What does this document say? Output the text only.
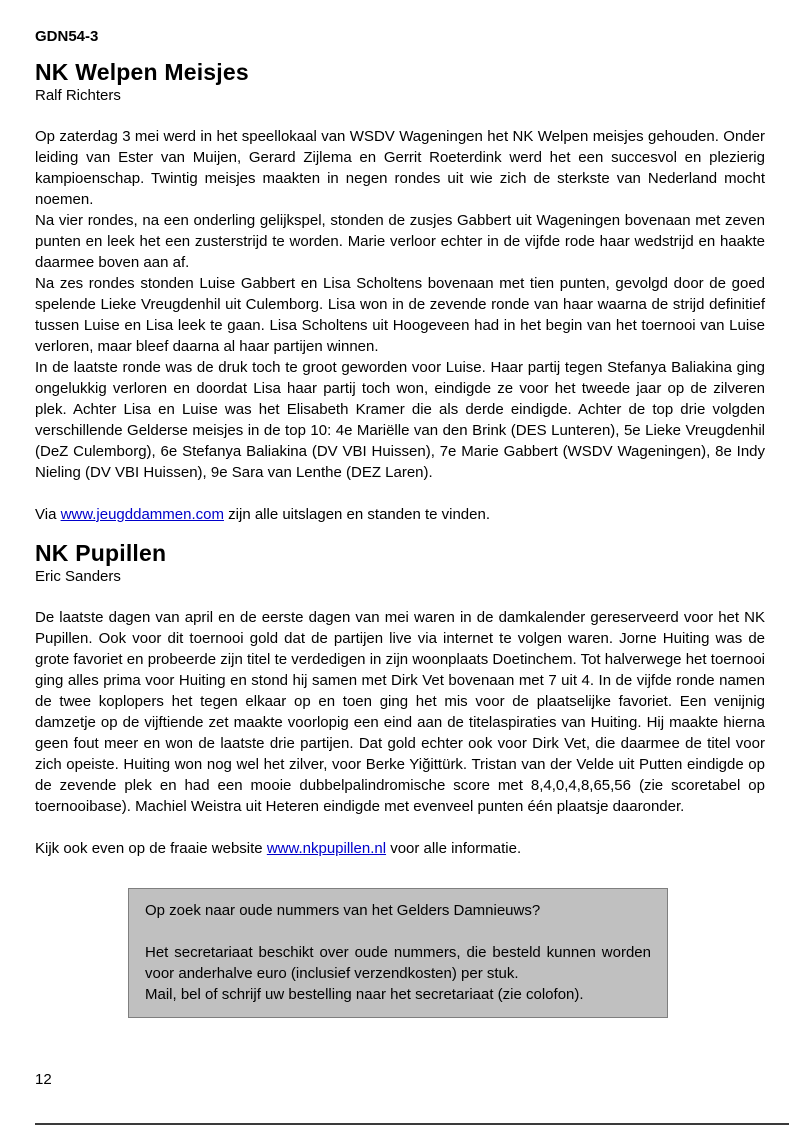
GDN54-3
NK Welpen Meisjes
Ralf Richters

Op zaterdag 3 mei werd in het speellokaal van WSDV Wageningen het NK Welpen meisjes gehouden. Onder leiding van Ester van Muijen, Gerard Zijlema en Gerrit Roeterdink werd het een succesvol en plezierig kampioenschap. Twintig meisjes maakten in negen rondes uit wie zich de sterkste van Nederland mocht noemen.

Na vier rondes, na een onderling gelijkspel, stonden de zusjes Gabbert uit Wageningen bovenaan met zeven punten en leek het een zusterstrijd te worden. Marie verloor echter in de vijfde rode haar wedstrijd en haakte daarmee boven aan af.

Na zes rondes stonden Luise Gabbert en Lisa Scholtens bovenaan met tien punten, gevolgd door de goed spelende Lieke Vreugdenhil uit Culemborg. Lisa won in de zevende ronde van haar waarna de strijd definitief tussen Luise en Lisa leek te gaan. Lisa Scholtens uit Hoogeveen had in het begin van het toernooi van Luise verloren, maar bleef daarna al haar partijen winnen.

In de laatste ronde was de druk toch te groot geworden voor Luise. Haar partij tegen Stefanya Baliakina ging ongelukkig verloren en doordat Lisa haar partij toch won, eindigde ze voor het tweede jaar op de zilveren plek. Achter Lisa en Luise was het Elisabeth Kramer die als derde eindigde. Achter de top drie volgden verschillende Gelderse meisjes in de top 10: 4e Mariëlle van den Brink (DES Lunteren), 5e Lieke Vreugdenhil (DeZ Culemborg), 6e Stefanya Baliakina (DV VBI Huissen), 7e Marie Gabbert (WSDV Wageningen), 8e Indy Nieling (DV VBI Huissen), 9e Sara van Lenthe (DEZ Laren).

Via www.jeugddammen.com zijn alle uitslagen en standen te vinden.

NK Pupillen
Eric Sanders

De laatste dagen van april en de eerste dagen van mei waren in de damkalender gereserveerd voor het NK Pupillen. Ook voor dit toernooi gold dat de partijen live via internet te volgen waren. Jorne Huiting was de grote favoriet en probeerde zijn titel te verdedigen in zijn woonplaats Doetinchem. Tot halverwege het toernooi ging alles prima voor Huiting en stond hij samen met Dirk Vet bovenaan met 7 uit 4. In de vijfde ronde namen de twee koplopers het tegen elkaar op en toen ging het mis voor de plaatselijke favoriet. Een venijnig damzetje op de vijftiende zet maakte voorlopig een eind aan de titelaspiraties van Huiting. Hij maakte hierna geen fout meer en won de laatste drie partijen. Dat gold echter ook voor Dirk Vet, die daarmee de titel voor zich opeiste. Huiting won nog wel het zilver, voor Berke Yiğittürk. Tristan van der Velde uit Putten eindigde op de zevende plek en had een mooie dubbelpalindromische score met 8,4,0,4,8,65,56 (zie scoretabel op toernooibase). Machiel Weistra uit Heteren eindigde met evenveel punten één plaatsje daaronder.

Kijk ook even op de fraaie website www.nkpupillen.nl voor alle informatie.

Op zoek naar oude nummers van het Gelders Damnieuws?

Het secretariaat beschikt over oude nummers, die besteld kunnen worden voor anderhalve euro (inclusief verzendkosten) per stuk.

Mail, bel of schrijf uw bestelling naar het secretariaat (zie colofon).

12
